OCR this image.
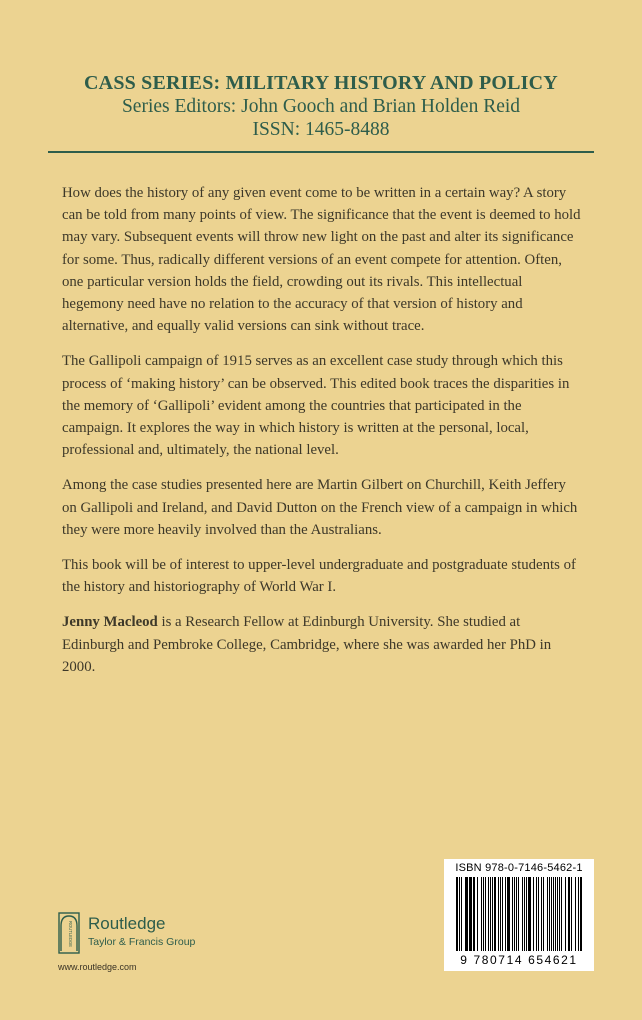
CASS SERIES: MILITARY HISTORY AND POLICY

Series Editors: John Gooch and Brian Holden Reid

ISSN: 1465-8488

How does the history of any given event come to be written in a certain way? A story can be told from many points of view. The significance that the event is deemed to hold may vary. Subsequent events will throw new light on the past and alter its significance for some. Thus, radically different versions of an event compete for attention. Often, one particular version holds the field, crowding out its rivals. This intellectual hegemony need have no relation to the accuracy of that version of history and alternative, and equally valid versions can sink without trace.

The Gallipoli campaign of 1915 serves as an excellent case study through which this process of ‘making history’ can be observed. This edited book traces the disparities in the memory of ‘Gallipoli’ evident among the countries that participated in the campaign. It explores the way in which history is written at the personal, local, professional and, ultimately, the national level.

Among the case studies presented here are Martin Gilbert on Churchill, Keith Jeffery on Gallipoli and Ireland, and David Dutton on the French view of a campaign in which they were more heavily involved than the Australians.

This book will be of interest to upper-level undergraduate and postgraduate students of the history and historiography of World War I.

Jenny Macleod is a Research Fellow at Edinburgh University. She studied at Edinburgh and Pembroke College, Cambridge, where she was awarded her PhD in 2000.

ISBN 978-0-7146-5462-1
9 780714 654621
ROUTLEDGE Routledge
Taylor & Francis Group
www.routledge.com
